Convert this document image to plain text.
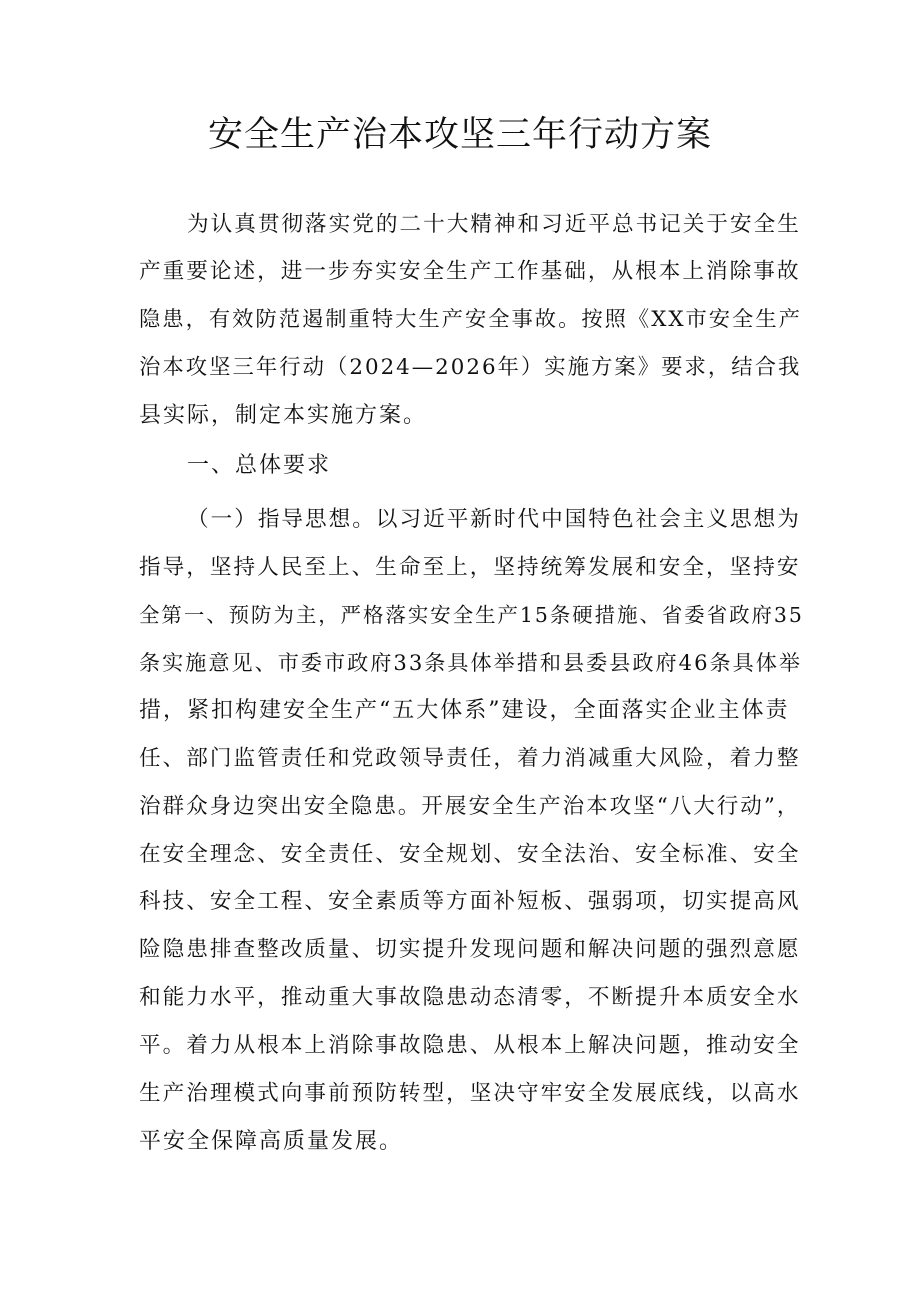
安全生产治本攻坚三年行动方案
为认真贯彻落实党的二十大精神和习近平总书记关于安全生
产重要论述，进一步夯实安全生产工作基础，从根本上消除事故
隐患，有效防范遏制重特大生产安全事故。按照《XX市安全生产
治本攻坚三年行动（2024—2026年）实施方案》要求，结合我
县实际，制定本实施方案。
一、总体要求
（一）指导思想。以习近平新时代中国特色社会主义思想为
指导，坚持人民至上、生命至上，坚持统筹发展和安全，坚持安
全第一、预防为主，严格落实安全生产15条硬措施、省委省政府35
条实施意见、市委市政府33条具体举措和县委县政府46条具体举
措，紧扣构建安全生产“五大体系”建设，全面落实企业主体责
任、部门监管责任和党政领导责任，着力消减重大风险，着力整
治群众身边突出安全隐患。开展安全生产治本攻坚“八大行动”，
在安全理念、安全责任、安全规划、安全法治、安全标准、安全
科技、安全工程、安全素质等方面补短板、强弱项，切实提高风
险隐患排查整改质量、切实提升发现问题和解决问题的强烈意愿
和能力水平，推动重大事故隐患动态清零，不断提升本质安全水
平。着力从根本上消除事故隐患、从根本上解决问题，推动安全
生产治理模式向事前预防转型，坚决守牢安全发展底线，以高水
平安全保障高质量发展。
